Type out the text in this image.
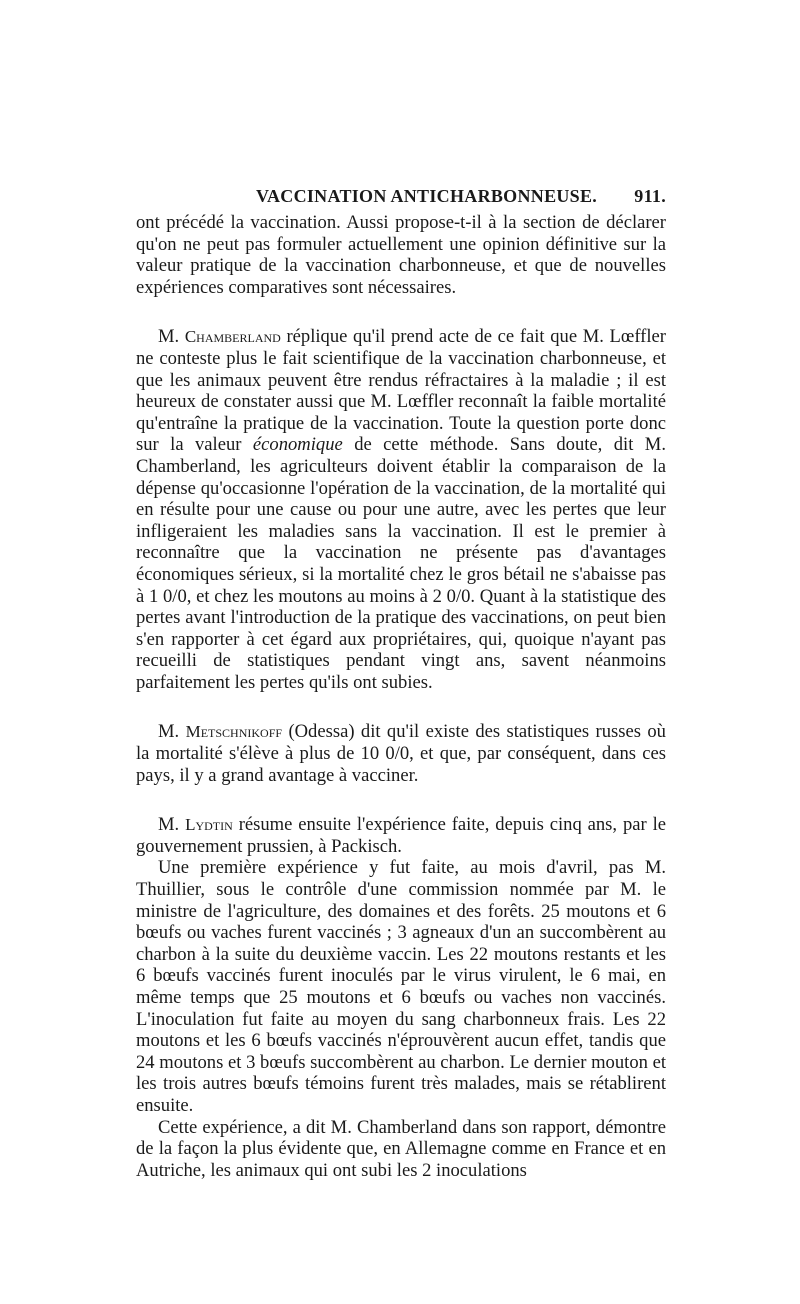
VACCINATION ANTICHARBONNEUSE. 911.

ont précédé la vaccination. Aussi propose-t-il à la section de déclarer qu'on ne peut pas formuler actuellement une opinion définitive sur la valeur pratique de la vaccination charbonneuse, et que de nouvelles expériences comparatives sont nécessaires.

M. Chamberland réplique qu'il prend acte de ce fait que M. Lœffler ne conteste plus le fait scientifique de la vaccination charbonneuse, et que les animaux peuvent être rendus réfractaires à la maladie ; il est heureux de constater aussi que M. Lœffler reconnaît la faible mortalité qu'entraîne la pratique de la vaccination. Toute la question porte donc sur la valeur économique de cette méthode. Sans doute, dit M. Chamberland, les agriculteurs doivent établir la comparaison de la dépense qu'occasionne l'opération de la vaccination, de la mortalité qui en résulte pour une cause ou pour une autre, avec les pertes que leur infligeraient les maladies sans la vaccination. Il est le premier à reconnaître que la vaccination ne présente pas d'avantages économiques sérieux, si la mortalité chez le gros bétail ne s'abaisse pas à 1 0/0, et chez les moutons au moins à 2 0/0. Quant à la statistique des pertes avant l'introduction de la pratique des vaccinations, on peut bien s'en rapporter à cet égard aux propriétaires, qui, quoique n'ayant pas recueilli de statistiques pendant vingt ans, savent néanmoins parfaitement les pertes qu'ils ont subies.

M. Metschnikoff (Odessa) dit qu'il existe des statistiques russes où la mortalité s'élève à plus de 10 0/0, et que, par conséquent, dans ces pays, il y a grand avantage à vacciner.

M. Lydtin résume ensuite l'expérience faite, depuis cinq ans, par le gouvernement prussien, à Packisch.

Une première expérience y fut faite, au mois d'avril, pas M. Thuillier, sous le contrôle d'une commission nommée par M. le ministre de l'agriculture, des domaines et des forêts. 25 moutons et 6 bœufs ou vaches furent vaccinés ; 3 agneaux d'un an succombèrent au charbon à la suite du deuxième vaccin. Les 22 moutons restants et les 6 bœufs vaccinés furent inoculés par le virus virulent, le 6 mai, en même temps que 25 moutons et 6 bœufs ou vaches non vaccinés. L'inoculation fut faite au moyen du sang charbonneux frais. Les 22 moutons et les 6 bœufs vaccinés n'éprouvèrent aucun effet, tandis que 24 moutons et 3 bœufs succombèrent au charbon. Le dernier mouton et les trois autres bœufs témoins furent très malades, mais se rétablirent ensuite.

Cette expérience, a dit M. Chamberland dans son rapport, démontre de la façon la plus évidente que, en Allemagne comme en France et en Autriche, les animaux qui ont subi les 2 inoculations
